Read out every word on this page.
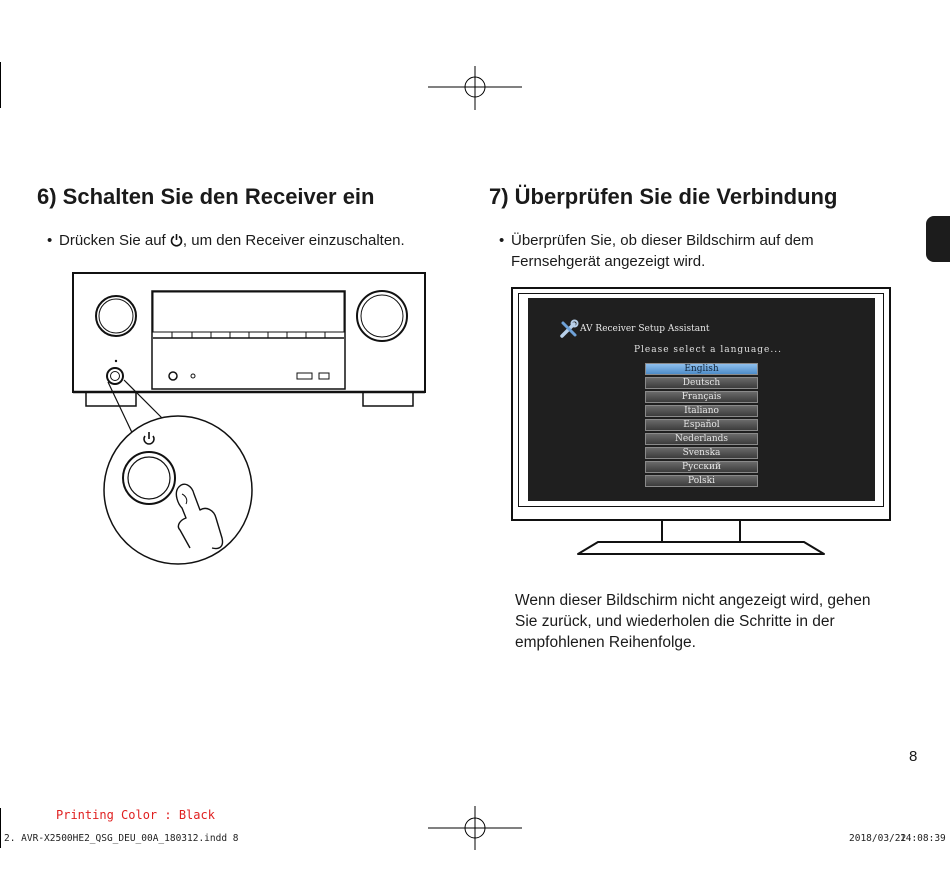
6) Schalten Sie den Receiver ein
• Drücken Sie auf , um den Receiver einzuschalten.
7) Überprüfen Sie die Verbindung
• Überprüfen Sie, ob dieser Bildschirm auf dem
Fernsehgerät angezeigt wird.
AV Receiver Setup Assistant
Please select a language...
English
Deutsch
Français
Italiano
Español
Nederlands
Svenska
Русский
Polski
Wenn dieser Bildschirm nicht angezeigt wird, gehen
Sie zurück, und wiederholen die Schritte in der
empfohlenen Reihenfolge.
8
Printing Color : Black
2. AVR-X2500HE2_QSG_DEU_00A_180312.indd 8	2018/03/22
14:08:39
